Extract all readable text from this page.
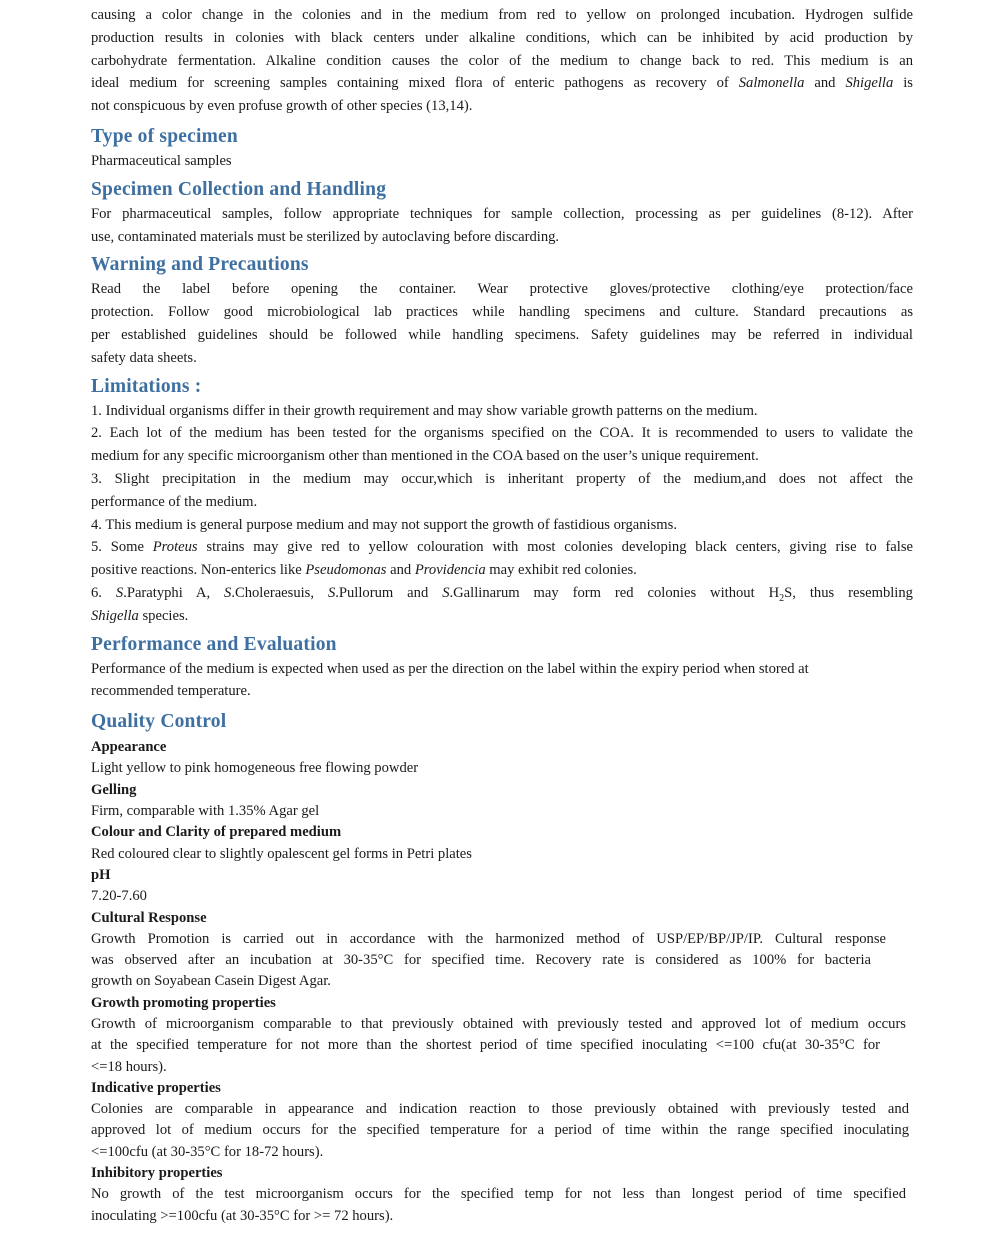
causing a color change in the colonies and in the medium from red to yellow on prolonged incubation. Hydrogen sulfide

production results in colonies with black centers under alkaline conditions, which can be inhibited by acid production by

carbohydrate fermentation. Alkaline condition causes the color of the medium to change back to red. This medium is an

ideal medium for screening samples containing mixed flora of enteric pathogens as recovery of Salmonella and Shigella is

not conspicuous by even profuse growth of other species (13,14).

Type of specimen

Pharmaceutical samples

Specimen Collection and Handling

For pharmaceutical samples, follow appropriate techniques for sample collection, processing as per guidelines (8-12). After

use, contaminated materials must be sterilized by autoclaving before discarding.

Warning and Precautions

Read the label before opening the container. Wear protective gloves/protective clothing/eye protection/face

protection. Follow good microbiological lab practices while handling specimens and culture. Standard precautions as

per established guidelines should be followed while handling specimens. Safety guidelines may be referred in individual

safety data sheets.

Limitations :

1. Individual organisms differ in their growth requirement and may show variable growth patterns on the medium.

2. Each lot of the medium has been tested for the organisms specified on the COA. It is recommended to users to validate the

medium for any specific microorganism other than mentioned in the COA based on the user’s unique requirement.

3. Slight precipitation in the medium may occur,which is inheritant property of the medium,and does not affect the

performance of the medium.

4. This medium is general purpose medium and may not support the growth of fastidious organisms.

5. Some Proteus strains may give red to yellow colouration with most colonies developing black centers, giving rise to false

positive reactions. Non-enterics like Pseudomonas and Providencia may exhibit red colonies.

6. S.Paratyphi A, S.Choleraesuis, S.Pullorum and S.Gallinarum may form red colonies without $H_2S$, thus resembling

Shigella species.

Performance and Evaluation

Performance of the medium is expected when used as per the direction on the label within the expiry period when stored at

recommended temperature.

Quality Control

Appearance

Light yellow to pink homogeneous free flowing powder

Gelling

Firm, comparable with 1.35% Agar gel

Colour and Clarity of prepared medium

Red coloured clear to slightly opalescent gel forms in Petri plates

pH

7.20-7.60

Cultural Response

Growth Promotion is carried out in accordance with the harmonized method of USP/EP/BP/JP/IP. Cultural response

was observed after an incubation at 30-35°C for specified time. Recovery rate is considered as 100% for bacteria

growth on Soyabean Casein Digest Agar.

Growth promoting properties

Growth of microorganism comparable to that previously obtained with previously tested and approved lot of medium occurs

at the specified temperature for not more than the shortest period of time specified inoculating <=100 cfu(at 30-35°C for

<=18 hours).

Indicative properties

Colonies are comparable in appearance and indication reaction to those previously obtained with previously tested and

approved lot of medium occurs for the specified temperature for a period of time within the range specified inoculating

<=100cfu (at 30-35°C for 18-72 hours).

Inhibitory properties

No growth of the test microorganism occurs for the specified temp for not less than longest period of time specified

inoculating >=100cfu (at 30-35°C for >= 72 hours).
